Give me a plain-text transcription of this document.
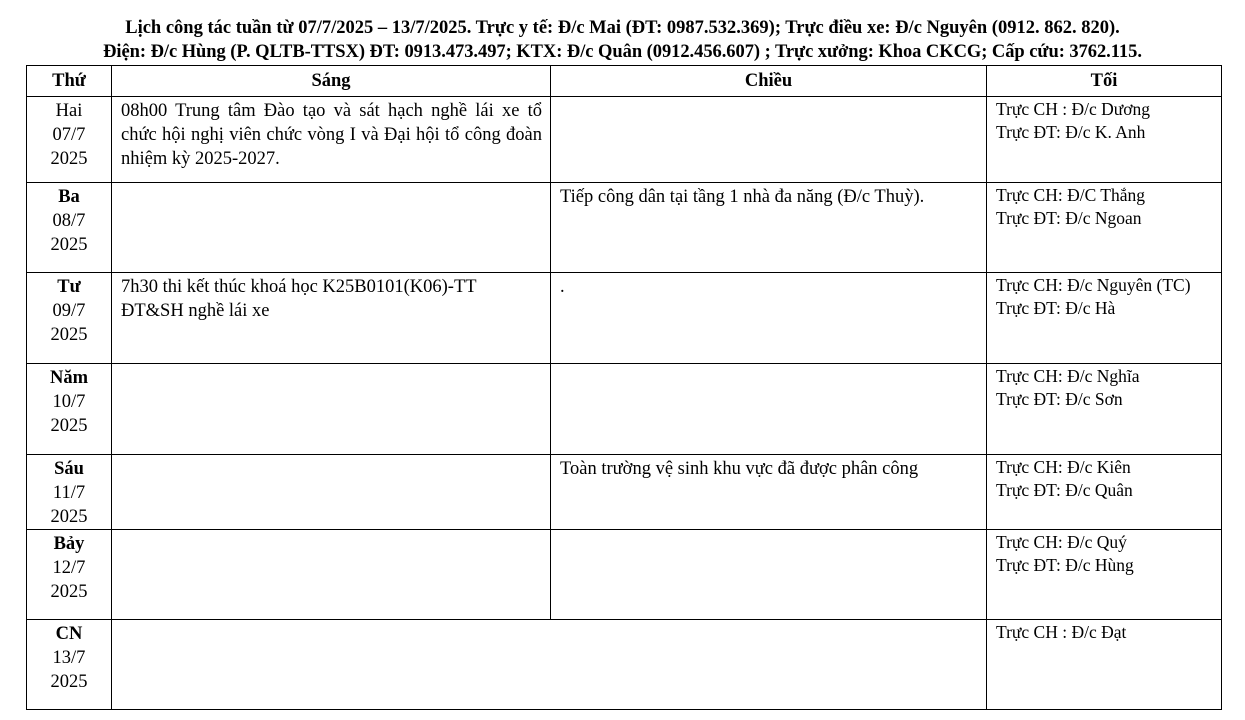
Lịch công tác tuần từ 07/7/2025 – 13/7/2025. Trực y tế: Đ/c Mai (ĐT: 0987.532.369); Trực điều xe: Đ/c Nguyên (0912. 862. 820).
Điện: Đ/c Hùng (P. QLTB-TTSX) ĐT: 0913.473.497; KTX: Đ/c Quân (0912.456.607) ; Trực xưởng: Khoa CKCG; Cấp cứu: 3762.115.
Thứ	Sáng	Chiều	Tối

Hai
07/7
2025	08h00 Trung tâm Đào tạo và sát hạch nghề lái xe tổ chức hội nghị viên chức vòng I và Đại hội tổ công đoàn nhiệm kỳ 2025-2027.		Trực CH : Đ/c Dương
Trực ĐT: Đ/c K. Anh

Ba
08/7
2025		Tiếp công dân tại tầng 1 nhà đa năng (Đ/c Thuỳ).	Trực CH: Đ/C Thắng
Trực ĐT: Đ/c Ngoan

Tư
09/7
2025	7h30 thi kết thúc khoá học K25B0101(K06)-TT ĐT&SH nghề lái xe	.	Trực CH: Đ/c Nguyên (TC)
Trực ĐT: Đ/c Hà

Năm
10/7
2025			Trực CH: Đ/c Nghĩa
Trực ĐT: Đ/c Sơn

Sáu
11/7
2025		Toàn trường vệ sinh khu vực đã được phân công	Trực CH: Đ/c Kiên
Trực ĐT: Đ/c Quân

Bảy
12/7
2025			Trực CH: Đ/c Quý
Trực ĐT: Đ/c Hùng

CN
13/7
2025			Trực CH : Đ/c Đạt
